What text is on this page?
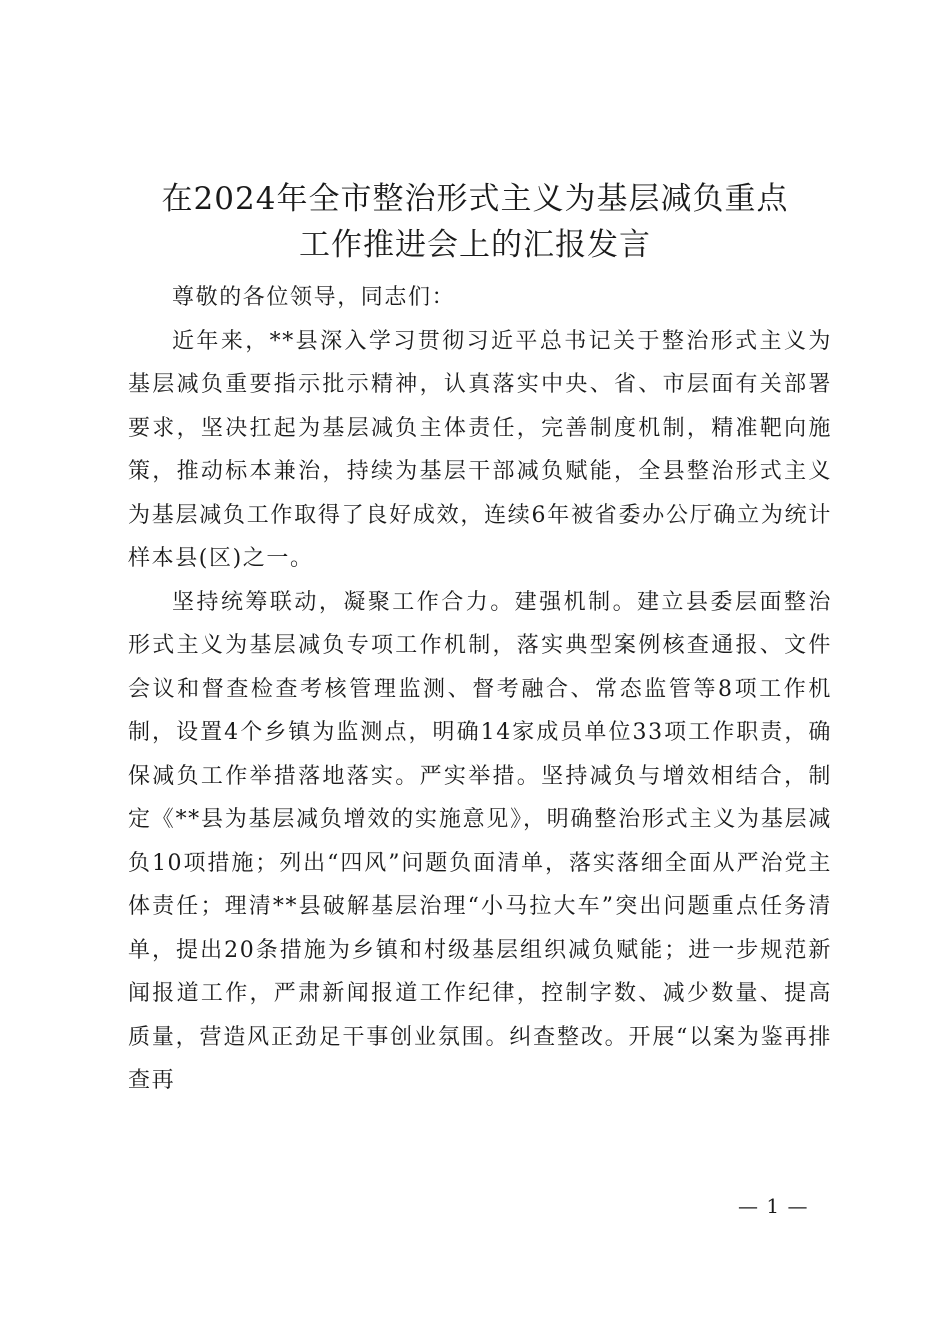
在2024年全市整治形式主义为基层减负重点
工作推进会上的汇报发言

尊敬的各位领导，同志们：

近年来，**县深入学习贯彻习近平总书记关于整治形式主义为基层减负重要指示批示精神，认真落实中央、省、市层面有关部署要求，坚决扛起为基层减负主体责任，完善制度机制，精准靶向施策，推动标本兼治，持续为基层干部减负赋能，全县整治形式主义为基层减负工作取得了良好成效，连续6年被省委办公厅确立为统计样本县(区)之一。

坚持统筹联动，凝聚工作合力。建强机制。建立县委层面整治形式主义为基层减负专项工作机制，落实典型案例核查通报、文件会议和督查检查考核管理监测、督考融合、常态监管等8项工作机制，设置4个乡镇为监测点，明确14家成员单位33项工作职责，确保减负工作举措落地落实。严实举措。坚持减负与增效相结合，制定《**县为基层减负增效的实施意见》，明确整治形式主义为基层减负10项措施；列出“四风”问题负面清单，落实落细全面从严治党主体责任；理清**县破解基层治理“小马拉大车”突出问题重点任务清单，提出20条措施为乡镇和村级基层组织减负赋能；进一步规范新闻报道工作，严肃新闻报道工作纪律，控制字数、减少数量、提高质量，营造风正劲足干事创业氛围。纠查整改。开展“以案为鉴再排查再

— 1 —
